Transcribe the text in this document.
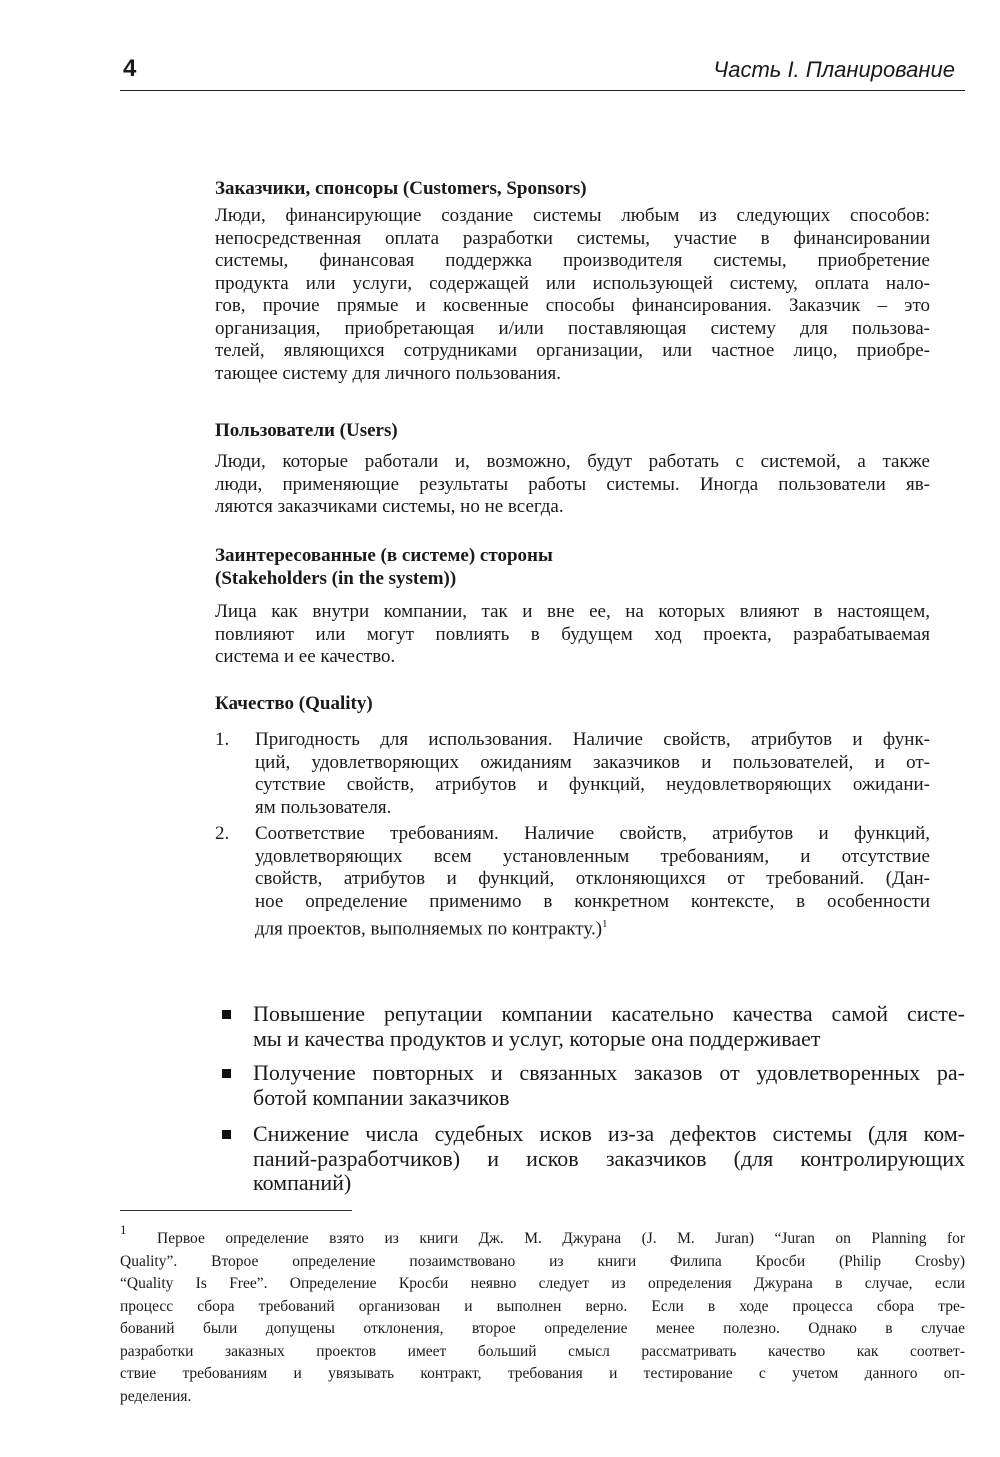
4	Часть I. Планирование
Заказчики, спонсоры (Customers, Sponsors)
Люди, финансирующие создание системы любым из следующих способов:
непосредственная оплата разработки системы, участие в финансировании
системы, финансовая поддержка производителя системы, приобретение
продукта или услуги, содержащей или использующей систему, оплата нало-
гов, прочие прямые и косвенные способы финансирования. Заказчик – это
организация, приобретающая и/или поставляющая систему для пользова-
телей, являющихся сотрудниками организации, или частное лицо, приобре-
тающее систему для личного пользования.
Пользователи (Users)
Люди, которые работали и, возможно, будут работать с системой, а также
люди, применяющие результаты работы системы. Иногда пользователи яв-
ляются заказчиками системы, но не всегда.
Заинтересованные (в системе) стороны
(Stakeholders (in the system))
Лица как внутри компании, так и вне ее, на которых влияют в настоящем,
повлияют или могут повлиять в будущем ход проекта, разрабатываемая
система и ее качество.
Качество (Quality)
1. Пригодность для использования. Наличие свойств, атрибутов и функ-
ций, удовлетворяющих ожиданиям заказчиков и пользователей, и от-
сутствие свойств, атрибутов и функций, неудовлетворяющих ожидани-
ям пользователя.
2. Соответствие требованиям. Наличие свойств, атрибутов и функций,
удовлетворяющих всем установленным требованиям, и отсутствие
свойств, атрибутов и функций, отклоняющихся от требований. (Дан-
ное определение применимо в конкретном контексте, в особенности
для проектов, выполняемых по контракту.)$^1$
Повышение репутации компании касательно качества самой систе-
мы и качества продуктов и услуг, которые она поддерживает
Получение повторных и связанных заказов от удовлетворенных ра-
ботой компании заказчиков
Снижение числа судебных исков из-за дефектов системы (для ком-
паний-разработчиков) и исков заказчиков (для контролирующих
компаний)
1
Первое определение взято из книги Дж. М. Джурана (J. M. Juran) “Juran on Planning for
Quality”. Второе определение позаимствовано из книги Филипа Кросби (Philip Crosby)
“Quality Is Free”. Определение Кросби неявно следует из определения Джурана в случае, если
процесс сбора требований организован и выполнен верно. Если в ходе процесса сбора тре-
бований были допущены отклонения, второе определение менее полезно. Однако в случае
разработки заказных проектов имеет больший смысл рассматривать качество как соответ-
ствие требованиям и увязывать контракт, требования и тестирование с учетом данного оп-
ределения.
